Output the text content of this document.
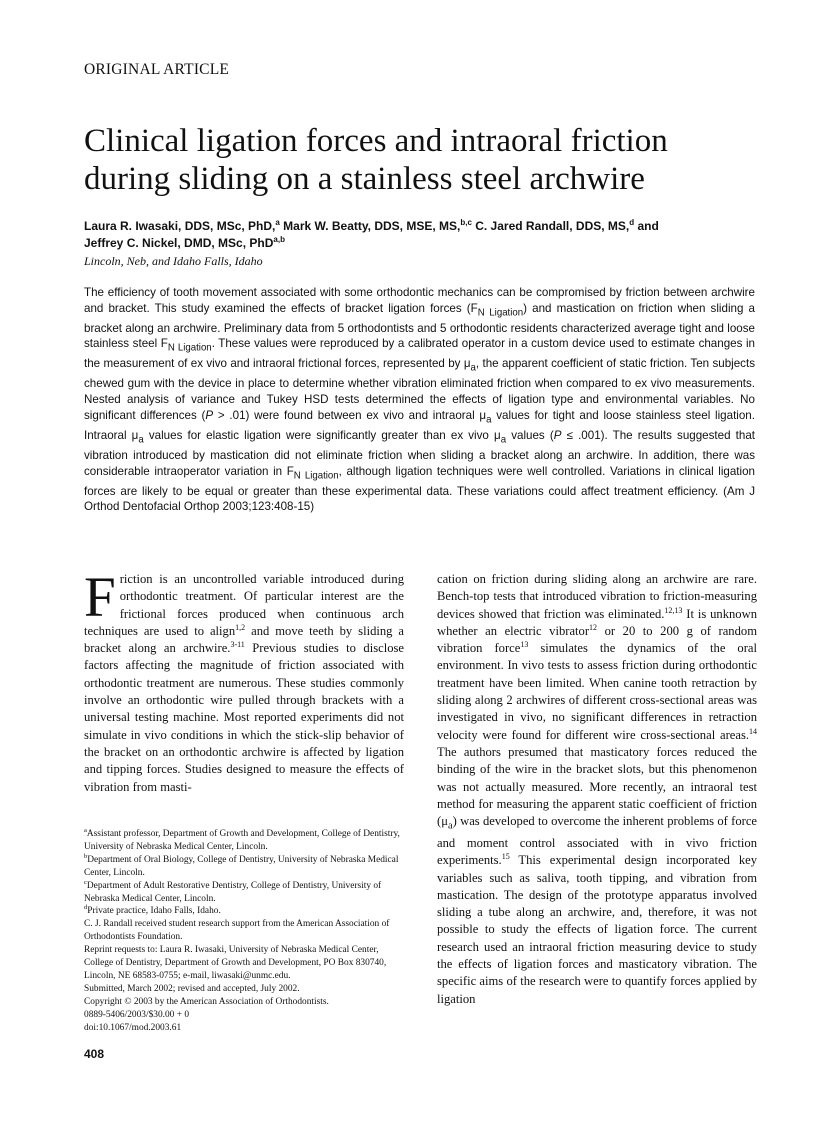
ORIGINAL ARTICLE
Clinical ligation forces and intraoral friction
during sliding on a stainless steel archwire
Laura R. Iwasaki, DDS, MSc, PhD,$^a$ Mark W. Beatty, DDS, MSE, MS,$^{b,c}$ C. Jared Randall, DDS, MS,$^d$ and
Jeffrey C. Nickel, DMD, MSc, PhD$^{a,b}$
Lincoln, Neb, and Idaho Falls, Idaho

The efficiency of tooth movement associated with some orthodontic mechanics can be compromised by friction between archwire and bracket. This study examined the effects of bracket ligation forces $(F_{N Ligation})$ and mastication on friction when sliding a bracket along an archwire. Preliminary data from 5 orthodontists and 5 orthodontic residents characterized average tight and loose stainless steel $F_{N Ligation}$. These values were reproduced by a calibrated operator in a custom device used to estimate changes in the measurement of ex vivo and intraoral frictional forces, represented by $\mu_a$, the apparent coefficient of static friction. Ten subjects chewed gum with the device in place to determine whether vibration eliminated friction when compared to ex vivo measurements. Nested analysis of variance and Tukey HSD tests determined the effects of ligation type and environmental variables. No significant differences (P > .01) were found between ex vivo and intraoral $\mu_a$ values for tight and loose stainless steel ligation. Intraoral $\mu_a$ values for elastic ligation were significantly greater than ex vivo $\mu_a$ values (P ≤ .001). The results suggested that vibration introduced by mastication did not eliminate friction when sliding a bracket along an archwire. In addition, there was considerable intraoperator variation in $F_{N Ligation}$, although ligation techniques were well controlled. Variations in clinical ligation forces are likely to be equal or greater than these experimental data. These variations could affect treatment efficiency. (Am J Orthod Dentofacial Orthop 2003;123:408-15)

Friction is an uncontrolled variable introduced during orthodontic treatment. Of particular interest are the frictional forces produced when continuous arch techniques are used to align$^{1,2}$ and move teeth by sliding a bracket along an archwire.$^{3-11}$ Previous studies to disclose factors affecting the magnitude of friction associated with orthodontic treatment are numerous. These studies commonly involve an orthodontic wire pulled through brackets with a universal testing machine. Most reported experiments did not simulate in vivo conditions in which the stick-slip behavior of the bracket on an orthodontic archwire is affected by ligation and tipping forces. Studies designed to measure the effects of vibration from masti-

cation on friction during sliding along an archwire are rare. Bench-top tests that introduced vibration to friction-measuring devices showed that friction was eliminated.$^{12,13}$ It is unknown whether an electric vibrator$^{12}$ or 20 to 200 g of random vibration force$^{13}$ simulates the dynamics of the oral environment. In vivo tests to assess friction during orthodontic treatment have been limited. When canine tooth retraction by sliding along 2 archwires of different cross-sectional areas was investigated in vivo, no significant differences in retraction velocity were found for different wire cross-sectional areas.$^{14}$ The authors presumed that masticatory forces reduced the binding of the wire in the bracket slots, but this phenomenon was not actually measured. More recently, an intraoral test method for measuring the apparent static coefficient of friction $(\mu_a)$ was developed to overcome the inherent problems of force and moment control associated with in vivo friction experiments.$^{15}$ This experimental design incorporated key variables such as saliva, tooth tipping, and vibration from mastication. The design of the prototype apparatus involved sliding a tube along an archwire, and, therefore, it was not possible to study the effects of ligation force. The current research used an intraoral friction measuring device to study the effects of ligation forces and masticatory vibration. The specific aims of the research were to quantify forces applied by ligation

$^a$Assistant professor, Department of Growth and Development, College of Dentistry, University of Nebraska Medical Center, Lincoln.
$^b$Department of Oral Biology, College of Dentistry, University of Nebraska Medical Center, Lincoln.
$^c$Department of Adult Restorative Dentistry, College of Dentistry, University of Nebraska Medical Center, Lincoln.
$^d$Private practice, Idaho Falls, Idaho.
C. J. Randall received student research support from the American Association of Orthodontists Foundation.
Reprint requests to: Laura R. Iwasaki, University of Nebraska Medical Center, College of Dentistry, Department of Growth and Development, PO Box 830740, Lincoln, NE 68583-0755; e-mail, liwasaki@unmc.edu.
Submitted, March 2002; revised and accepted, July 2002.
Copyright © 2003 by the American Association of Orthodontists.
0889-5406/2003/$30.00 + 0
doi:10.1067/mod.2003.61
408
